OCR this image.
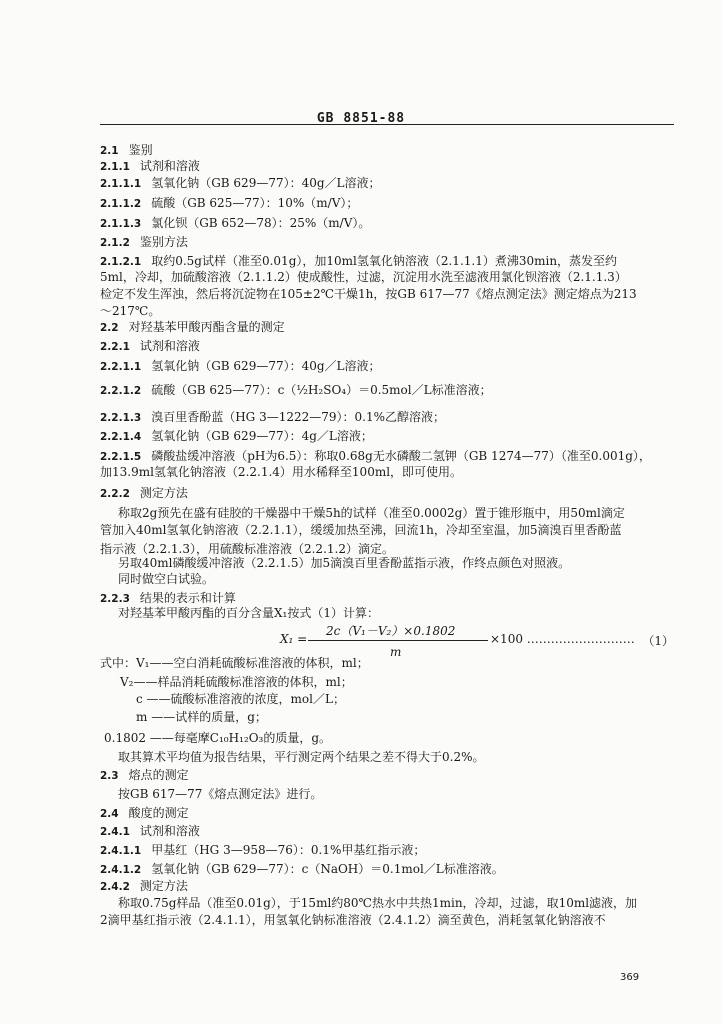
GB 8851-88
2.1 鉴别
2.1.1 试剂和溶液
2.1.1.1 氢氧化钠（GB 629—77）：40g／L溶液；
2.1.1.2 硫酸（GB 625—77）：10%（m/V）；
2.1.1.3 氯化钡（GB 652—78）：25%（m/V）。
2.1.2 鉴别方法
2.1.2.1 取约0.5g试样（准至0.01g），加10ml氢氧化钠溶液（2.1.1.1）煮沸30min，蒸发至约
5ml，冷却，加硫酸溶液（2.1.1.2）使成酸性，过滤，沉淀用水洗至滤液用氯化钡溶液（2.1.1.3）
检定不发生浑浊，然后将沉淀物在105±2℃干燥1h，按GB 617—77《熔点测定法》测定熔点为213
～217℃。
2.2 对羟基苯甲酸丙酯含量的测定
2.2.1 试剂和溶液
2.2.1.1 氢氧化钠（GB 629—77）：40g／L溶液；
2.2.1.2 硫酸（GB 625—77）：c（½H₂SO₄）＝0.5mol／L标准溶液；
2.2.1.3 溴百里香酚蓝（HG 3—1222—79）：0.1%乙醇溶液；
2.2.1.4 氢氧化钠（GB 629—77）：4g／L溶液；
2.2.1.5 磷酸盐缓冲溶液（pH为6.5）：称取0.68g无水磷酸二氢钾（GB 1274—77）（准至0.001g），
加13.9ml氢氧化钠溶液（2.2.1.4）用水稀释至100ml，即可使用。
2.2.2 测定方法
称取2g预先在盛有硅胶的干燥器中干燥5h的试样（准至0.0002g）置于锥形瓶中，用50ml滴定
管加入40ml氢氧化钠溶液（2.2.1.1），缓缓加热至沸，回流1h，冷却至室温，加5滴溴百里香酚蓝
指示液（2.2.1.3），用硫酸标准溶液（2.2.1.2）滴定。
另取40ml磷酸缓冲溶液（2.2.1.5）加5滴溴百里香酚蓝指示液，作终点颜色对照液。
同时做空白试验。
2.2.3 结果的表示和计算
对羟基苯甲酸丙酯的百分含量X₁按式（1）计算：
式中：V₁——空白消耗硫酸标准溶液的体积，ml；
V₂——样品消耗硫酸标准溶液的体积，ml；
c ——硫酸标准溶液的浓度，mol／L；
m ——试样的质量，g；
0.1802 ——每毫摩C₁₀H₁₂O₃的质量，g。
取其算术平均值为报告结果，平行测定两个结果之差不得大于0.2%。
2.3 熔点的测定
按GB 617—77《熔点测定法》进行。
2.4 酸度的测定
2.4.1 试剂和溶液
2.4.1.1 甲基红（HG 3—958—76）：0.1%甲基红指示液；
2.4.1.2 氢氧化钠（GB 629—77）：c（NaOH）＝0.1mol／L标准溶液。
2.4.2 测定方法
称取0.75g样品（准至0.01g），于15ml约80℃热水中共热1min，冷却，过滤，取10ml滤液，加
2滴甲基红指示液（2.4.1.1），用氢氧化钠标准溶液（2.4.1.2）滴至黄色，消耗氢氧化钠溶液不
X₁ =
2c（V₁－V₂）×0.1802
m
×100 ……………………… （1）
369
